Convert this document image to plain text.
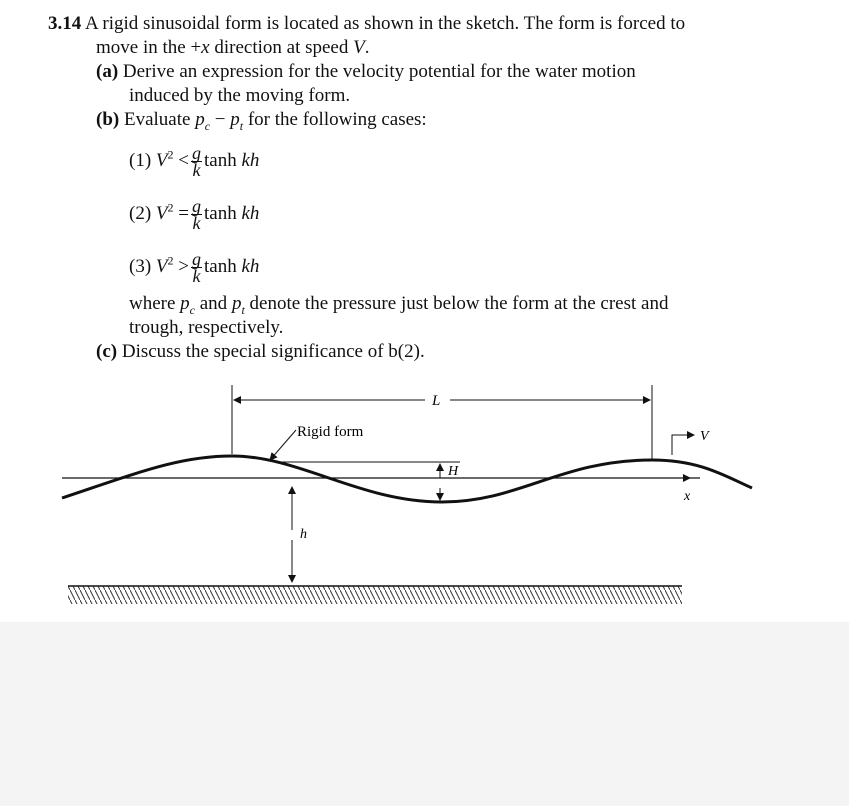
3.14 A rigid sinusoidal form is located as shown in the sketch. The form is forced to
move in the +x direction at speed V.
(a) Derive an expression for the velocity potential for the water motion
induced by the moving form.
(b) Evaluate $p_c - p_t$ for the following cases:
(1) $V^2 < \frac{g}{k}$ tanh kh
(2) $V^2 = \frac{g}{k}$ tanh kh
(3) $V^2 > \frac{g}{k}$ tanh kh
where $p_c$ and $p_t$ denote the pressure just below the form at the crest and
trough, respectively.
(c) Discuss the special significance of b(2).
L
Rigid form
x
H
V
h
